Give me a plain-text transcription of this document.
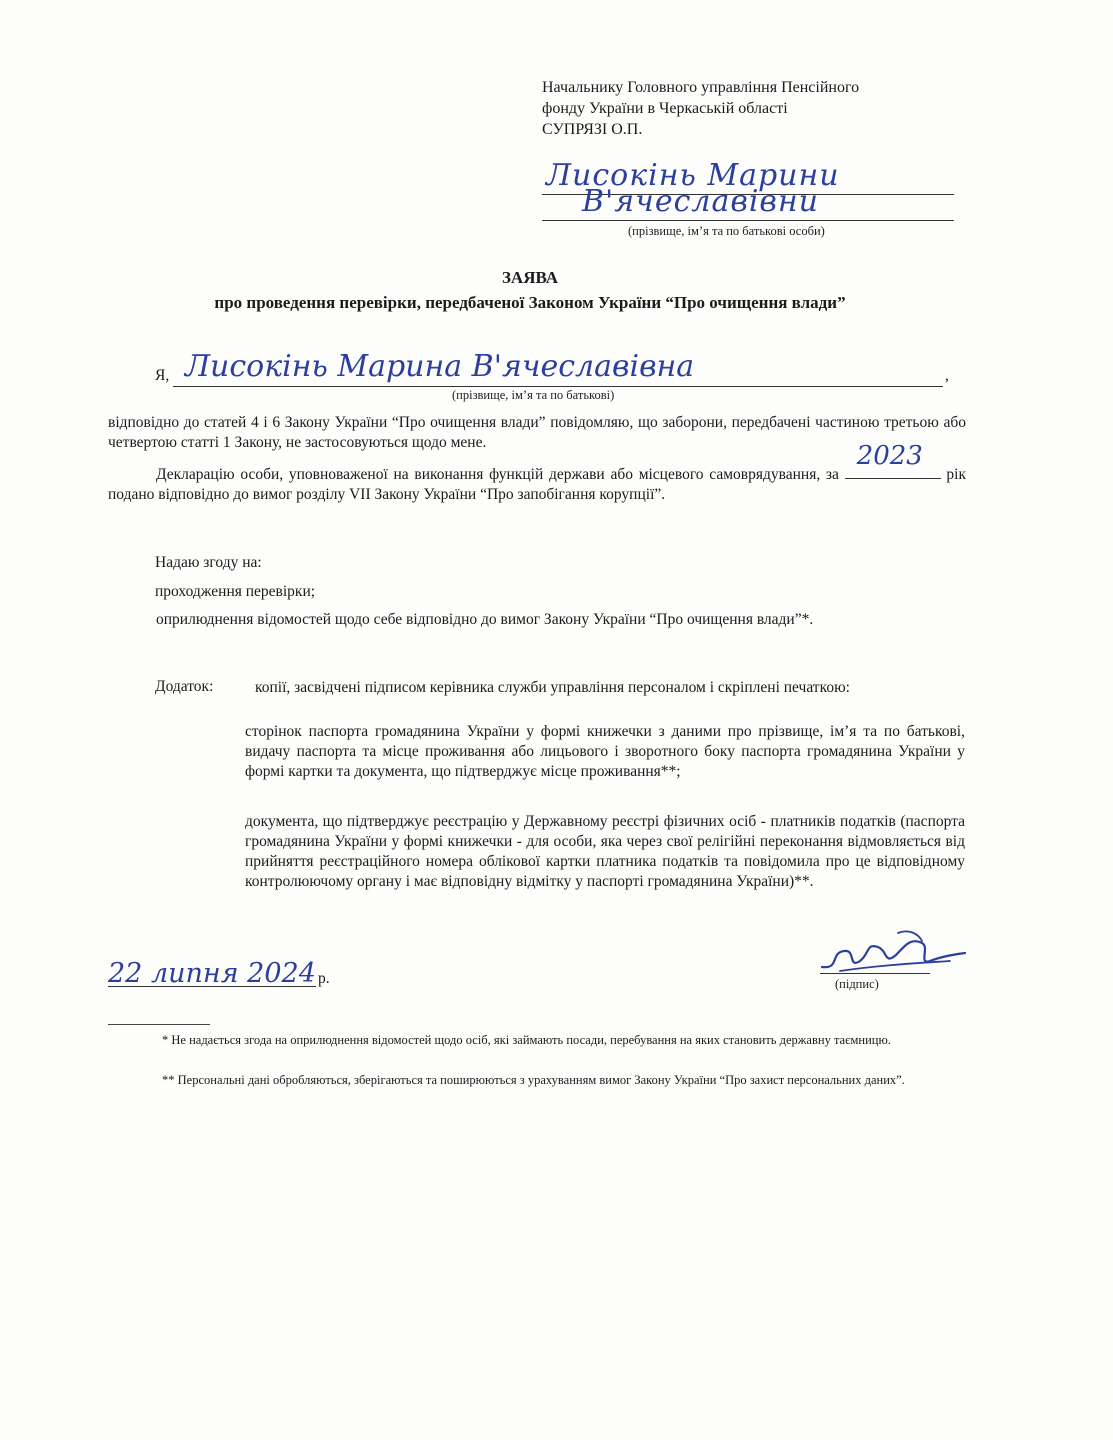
Начальнику Головного управління Пенсійного
фонду України в Черкаській області
СУПРЯЗІ О.П.
Лисокінь Марини
В'ячеславівни
(прізвище, ім’я та по батькові особи)
ЗАЯВА
про проведення перевірки, передбаченої Законом України “Про очищення влади”
Я, Лисокінь Марина В'ячеславівна	,
(прізвище, ім’я та по батькові)
відповідно до статей 4 і 6 Закону України “Про очищення влади” повідомляю, що заборони, передбачені частиною третьою або четвертою статті 1 Закону, не застосовуються щодо мене.
Декларацію особи, уповноваженої на виконання функцій держави або місцевого самоврядування, за
2023
рік подано відповідно до вимог розділу VII Закону України “Про запобігання корупції”.
Надаю згоду на:
проходження перевірки;
оприлюднення відомостей щодо себе відповідно до вимог Закону України “Про очищення влади”*.
Додаток:	копії, засвідчені підписом керівника служби управління персоналом і скріплені печаткою:
сторінок паспорта громадянина України у формі книжечки з даними про прізвище, ім’я та по батькові, видачу паспорта та місце проживання або лицьового і зворотного боку паспорта громадянина України у формі картки та документа, що підтверджує місце проживання**;
документа, що підтверджує реєстрацію у Державному реєстрі фізичних осіб - платників податків (паспорта громадянина України у формі книжечки - для особи, яка через свої релігійні переконання відмовляється від прийняття реєстраційного номера облікової картки платника податків та повідомила про це відповідному контролюючому органу і має відповідну відмітку у паспорті громадянина України)**.
22 липня 2024 р.	(підпис)
* Не надається згода на оприлюднення відомостей щодо осіб, які займають посади, перебування на яких становить державну таємницю.
** Персональні дані обробляються, зберігаються та поширюються з урахуванням вимог Закону України “Про захист персональних даних”.
